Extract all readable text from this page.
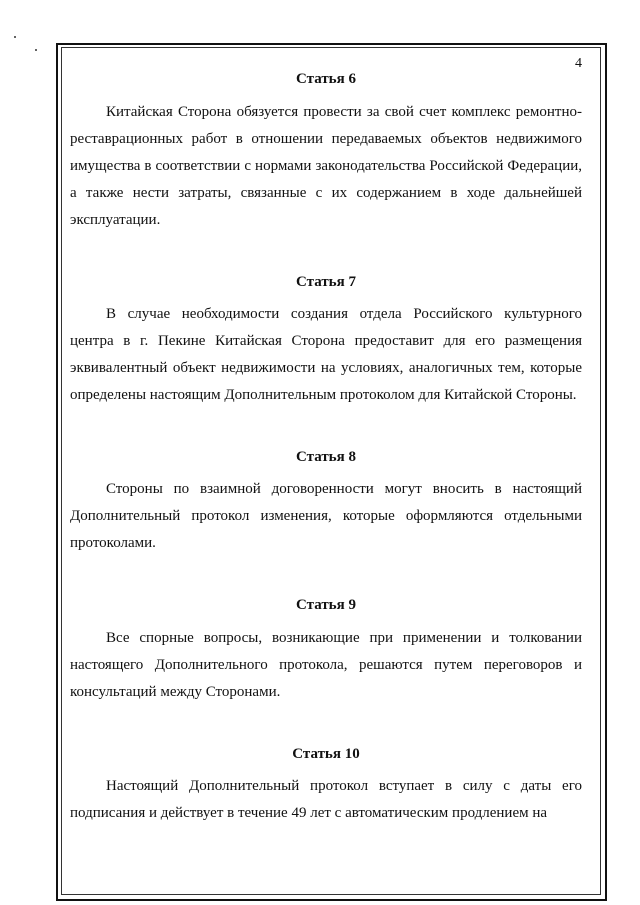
4

Статья 6

Китайская Сторона обязуется провести за свой счет комплекс ремонтно-реставрационных работ в отношении передаваемых объектов недвижимого имущества в соответствии с нормами законодательства Российской Федерации, а также нести затраты, связанные с их содержанием в ходе дальнейшей эксплуатации.

Статья 7

В случае необходимости создания отдела Российского культурного центра в г. Пекине Китайская Сторона предоставит для его размещения эквивалентный объект недвижимости на условиях, аналогичных тем, которые определены настоящим Дополнительным протоколом для Китайской Стороны.

Статья 8

Стороны по взаимной договоренности могут вносить в настоящий Дополнительный протокол изменения, которые оформляются отдельными протоколами.

Статья 9

Все спорные вопросы, возникающие при применении и толковании настоящего Дополнительного протокола, решаются путем переговоров и консультаций между Сторонами.

Статья 10

Настоящий Дополнительный протокол вступает в силу с даты его подписания и действует в течение 49 лет с автоматическим продлением на
